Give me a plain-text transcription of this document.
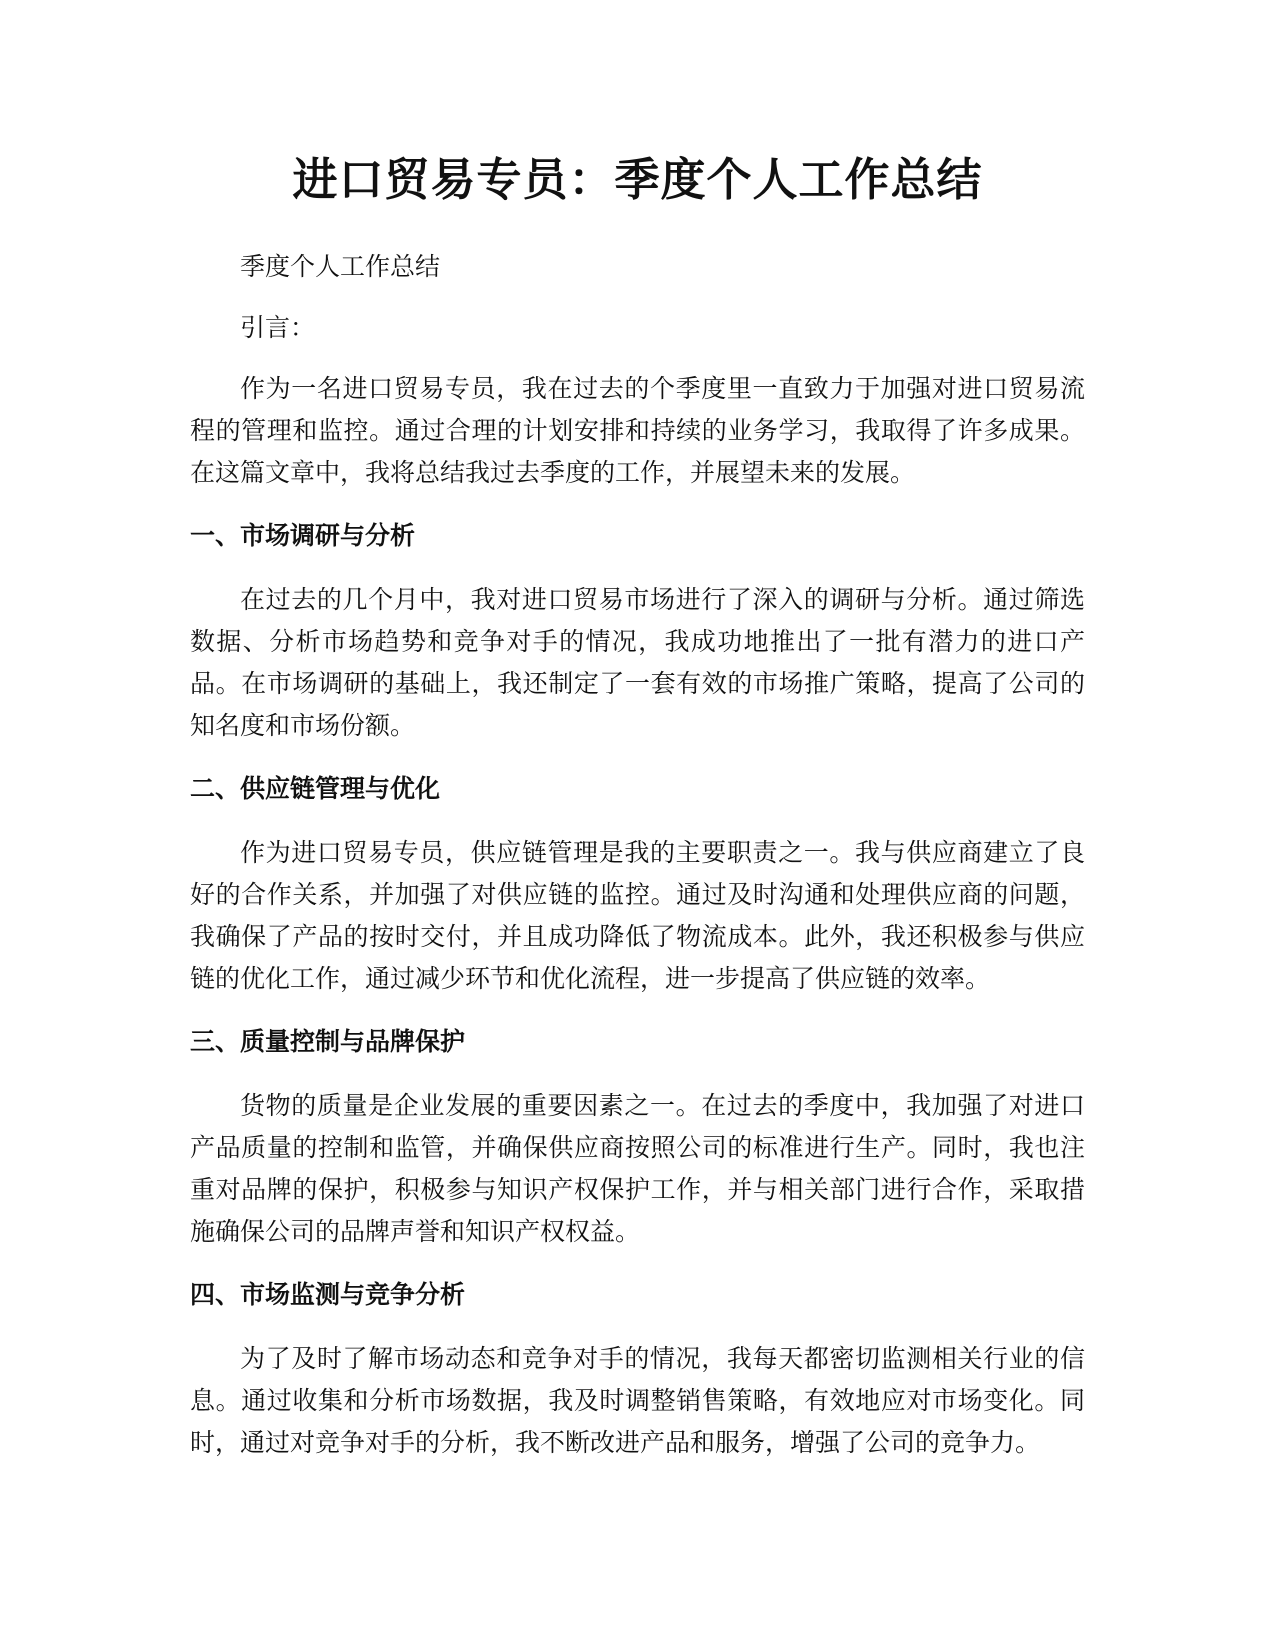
进口贸易专员：季度个人工作总结

季度个人工作总结

引言：

作为一名进口贸易专员，我在过去的个季度里一直致力于加强对进口贸易流程的管理和监控。通过合理的计划安排和持续的业务学习，我取得了许多成果。在这篇文章中，我将总结我过去季度的工作，并展望未来的发展。

一、市场调研与分析

在过去的几个月中，我对进口贸易市场进行了深入的调研与分析。通过筛选数据、分析市场趋势和竞争对手的情况，我成功地推出了一批有潜力的进口产品。在市场调研的基础上，我还制定了一套有效的市场推广策略，提高了公司的知名度和市场份额。

二、供应链管理与优化

作为进口贸易专员，供应链管理是我的主要职责之一。我与供应商建立了良好的合作关系，并加强了对供应链的监控。通过及时沟通和处理供应商的问题，我确保了产品的按时交付，并且成功降低了物流成本。此外，我还积极参与供应链的优化工作，通过减少环节和优化流程，进一步提高了供应链的效率。

三、质量控制与品牌保护

货物的质量是企业发展的重要因素之一。在过去的季度中，我加强了对进口产品质量的控制和监管，并确保供应商按照公司的标准进行生产。同时，我也注重对品牌的保护，积极参与知识产权保护工作，并与相关部门进行合作，采取措施确保公司的品牌声誉和知识产权权益。

四、市场监测与竞争分析

为了及时了解市场动态和竞争对手的情况，我每天都密切监测相关行业的信息。通过收集和分析市场数据，我及时调整销售策略，有效地应对市场变化。同时，通过对竞争对手的分析，我不断改进产品和服务，增强了公司的竞争力。
